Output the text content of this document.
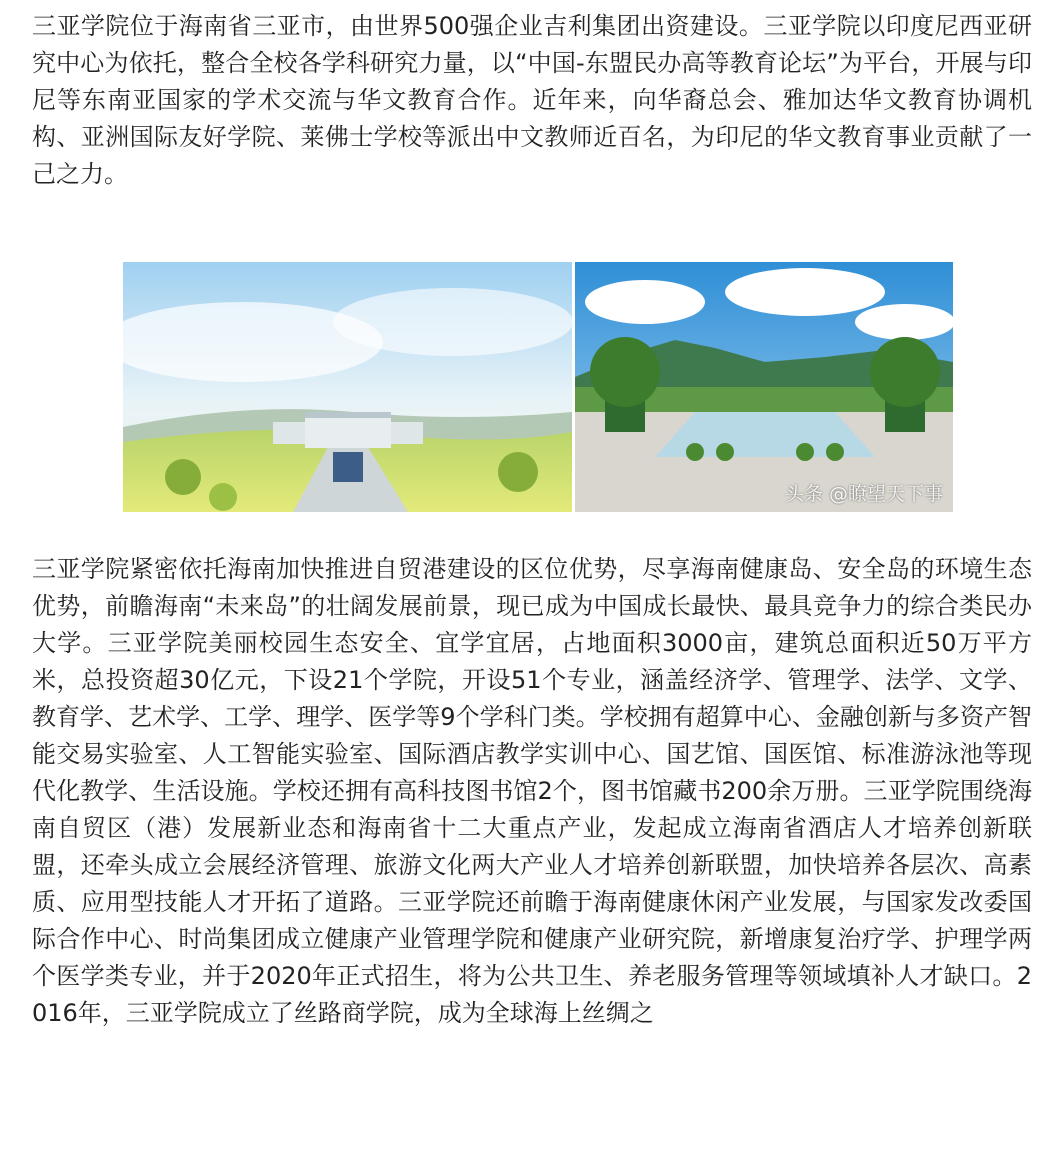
三亚学院位于海南省三亚市，由世界500强企业吉利集团出资建设。三亚学院以印度尼西亚研究中心为依托，整合全校各学科研究力量，以“中国-东盟民办高等教育论坛”为平台，开展与印尼等东南亚国家的学术交流与华文教育合作。近年来，向华裔总会、雅加达华文教育协调机构、亚洲国际友好学院、莱佛士学校等派出中文教师近百名，为印尼的华文教育事业贡献了一己之力。

头条 @瞭望天下事

三亚学院紧密依托海南加快推进自贸港建设的区位优势，尽享海南健康岛、安全岛的环境生态优势，前瞻海南“未来岛”的壮阔发展前景，现已成为中国成长最快、最具竞争力的综合类民办大学。三亚学院美丽校园生态安全、宜学宜居，占地面积3000亩，建筑总面积近50万平方米，总投资超30亿元，下设21个学院，开设51个专业，涵盖经济学、管理学、法学、文学、教育学、艺术学、工学、理学、医学等9个学科门类。学校拥有超算中心、金融创新与多资产智能交易实验室、人工智能实验室、国际酒店教学实训中心、国艺馆、国医馆、标准游泳池等现代化教学、生活设施。学校还拥有高科技图书馆2个，图书馆藏书200余万册。三亚学院围绕海南自贸区（港）发展新业态和海南省十二大重点产业，发起成立海南省酒店人才培养创新联盟，还牵头成立会展经济管理、旅游文化两大产业人才培养创新联盟，加快培养各层次、高素质、应用型技能人才开拓了道路。三亚学院还前瞻于海南健康休闲产业发展，与国家发改委国际合作中心、时尚集团成立健康产业管理学院和健康产业研究院，新增康复治疗学、护理学两个医学类专业，并于2020年正式招生，将为公共卫生、养老服务管理等领域填补人才缺口。2016年，三亚学院成立了丝路商学院，成为全球海上丝绸之
